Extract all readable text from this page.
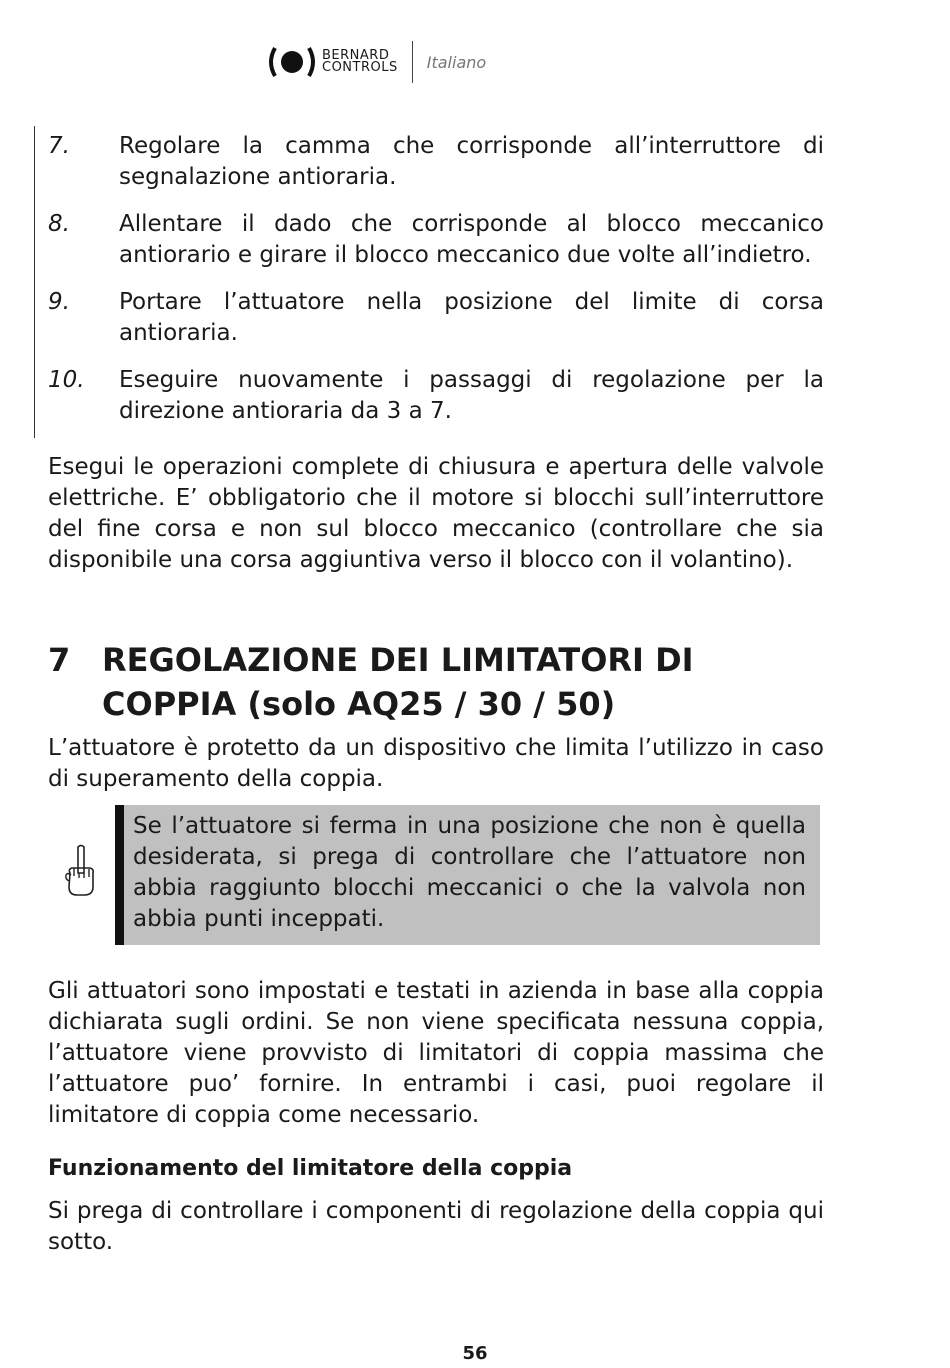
BERNARD
CONTROLS Italiano
7.	Regolare la camma che corrisponde all’interruttore di segnalazione antioraria.
8.	Allentare il dado che corrisponde al blocco meccanico antiorario e girare il blocco meccanico due volte all’indietro.
9.	Portare l’attuatore nella posizione del limite di corsa antioraria.
10.	Eseguire nuovamente i passaggi di regolazione per la direzione antioraria da 3 a 7.

Esegui le operazioni complete di chiusura e apertura delle valvole elettriche. E’ obbligatorio che il motore si blocchi sull’interruttore del fine corsa e non sul blocco meccanico (controllare che sia disponibile una corsa aggiuntiva verso il blocco con il volantino).

7 REGOLAZIONE DEI LIMITATORI DI COPPIA (solo AQ25 / 30 / 50)

L’attuatore è protetto da un dispositivo che limita l’utilizzo in caso di superamento della coppia.

Se l’attuatore si ferma in una posizione che non è quella desiderata, si prega di controllare che l’attuatore non abbia raggiunto blocchi meccanici o che la valvola non abbia punti inceppati.

Gli attuatori sono impostati e testati in azienda in base alla coppia dichiarata sugli ordini. Se non viene specificata nessuna coppia, l’attuatore viene provvisto di limitatori di coppia massima che l’attuatore puo’ fornire. In entrambi i casi, puoi regolare il limitatore di coppia come necessario.

Funzionamento del limitatore della coppia

Si prega di controllare i componenti di regolazione della coppia qui sotto.

56
